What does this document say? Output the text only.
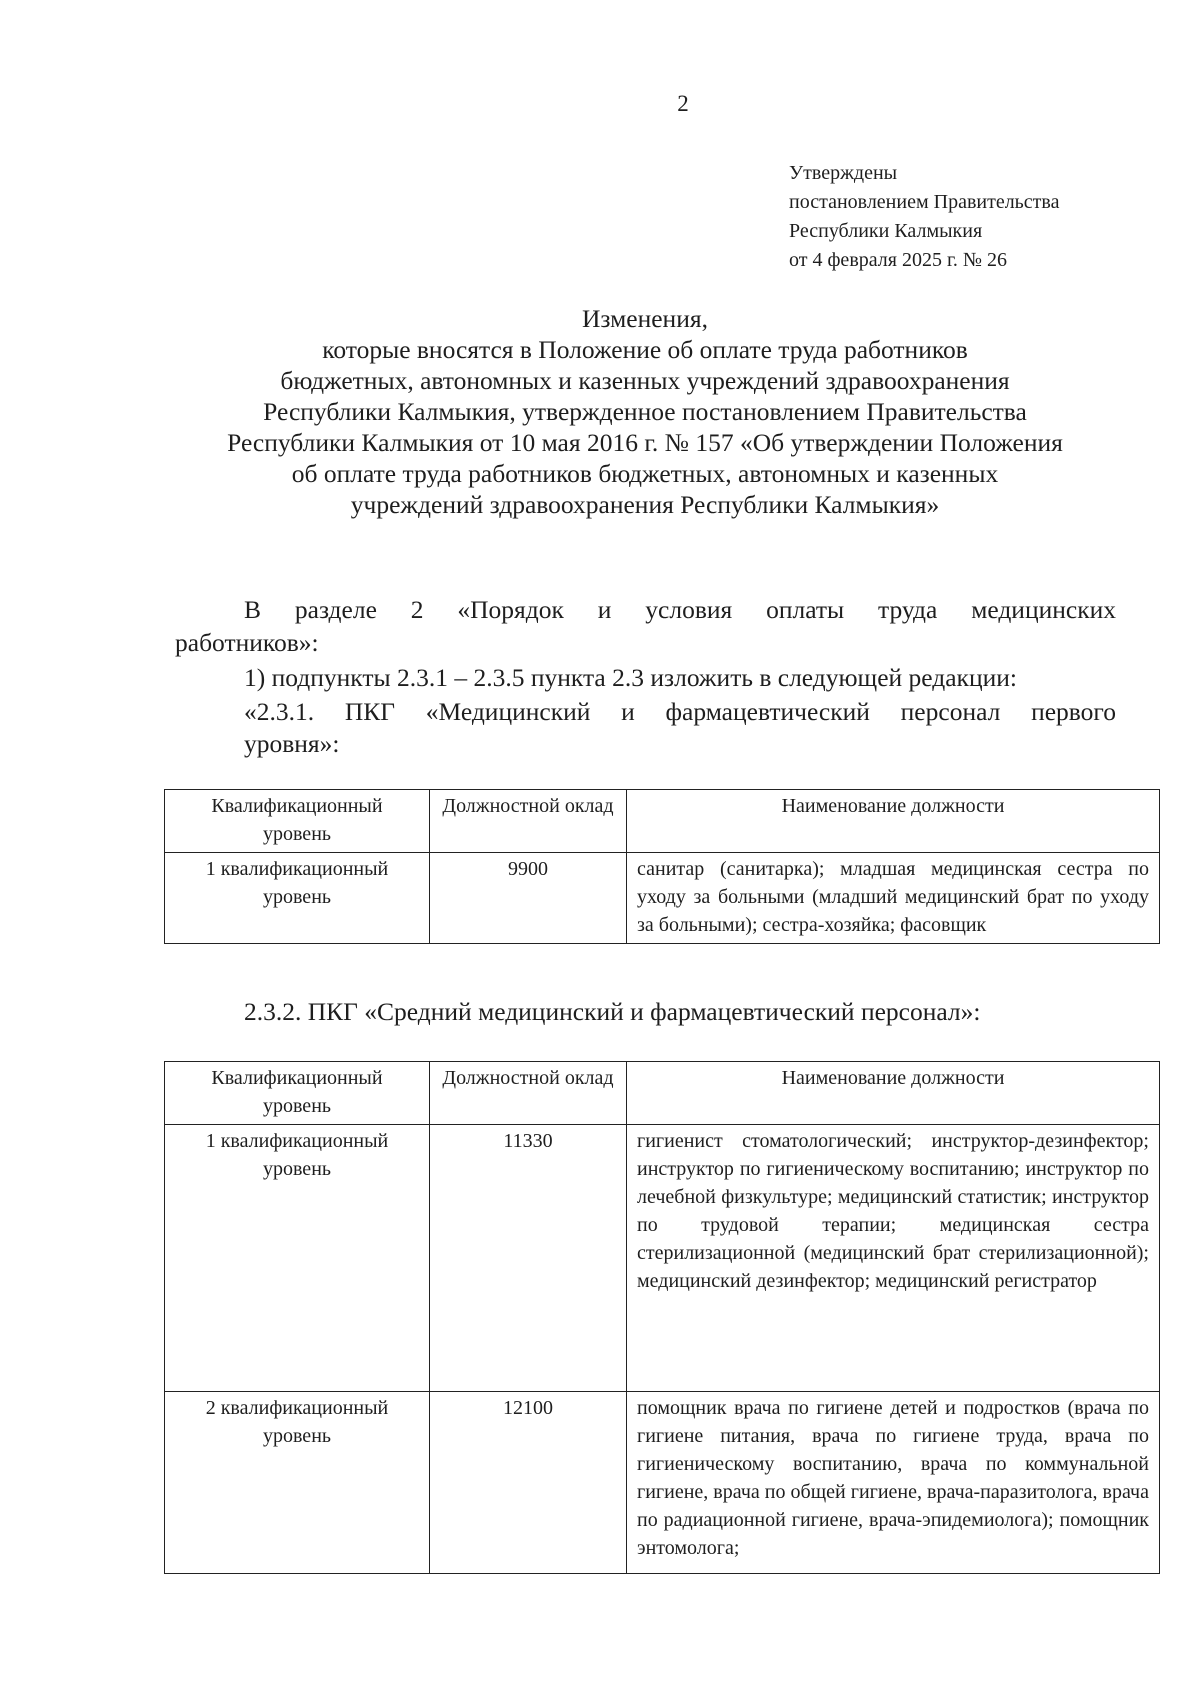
2
Утверждены
постановлением Правительства
Республики Калмыкия
от 4 февраля 2025 г. № 26
Изменения,
которые вносятся в Положение об оплате труда работников
бюджетных, автономных и казенных учреждений здравоохранения
Республики Калмыкия, утвержденное постановлением Правительства
Республики Калмыкия от 10 мая 2016 г. № 157 «Об утверждении Положения
об оплате труда работников бюджетных, автономных и казенных
учреждений здравоохранения Республики Калмыкия»
В разделе 2 «Порядок и условия оплаты труда медицинских
работников»:
1) подпункты 2.3.1 – 2.3.5 пункта 2.3 изложить в следующей редакции:
«2.3.1. ПКГ «Медицинский и фармацевтический персонал первого
уровня»:
Квалификационный уровень	Должностной оклад	Наименование должности
1 квалификационный уровень	9900	санитар (санитарка); младшая медицинская сестра по уходу за больными (младший медицинский брат по уходу за больными); сестра-хозяйка; фасовщик
2.3.2. ПКГ «Средний медицинский и фармацевтический персонал»:
Квалификационный уровень	Должностной оклад	Наименование должности
1 квалификационный уровень	11330	гигиенист стоматологический; инструктор-дезинфектор; инструктор по гигиеническому воспитанию; инструктор по лечебной физкультуре; медицинский статистик; инструктор по трудовой терапии; медицинская сестра стерилизационной (медицинский брат стерилизационной); медицинский дезинфектор; медицинский регистратор
2 квалификационный уровень	12100	помощник врача по гигиене детей и подростков (врача по гигиене питания, врача по гигиене труда, врача по гигиеническому воспитанию, врача по коммунальной гигиене, врача по общей гигиене, врача-паразитолога, врача по радиационной гигиене, врача-эпидемиолога); помощник энтомолога;
